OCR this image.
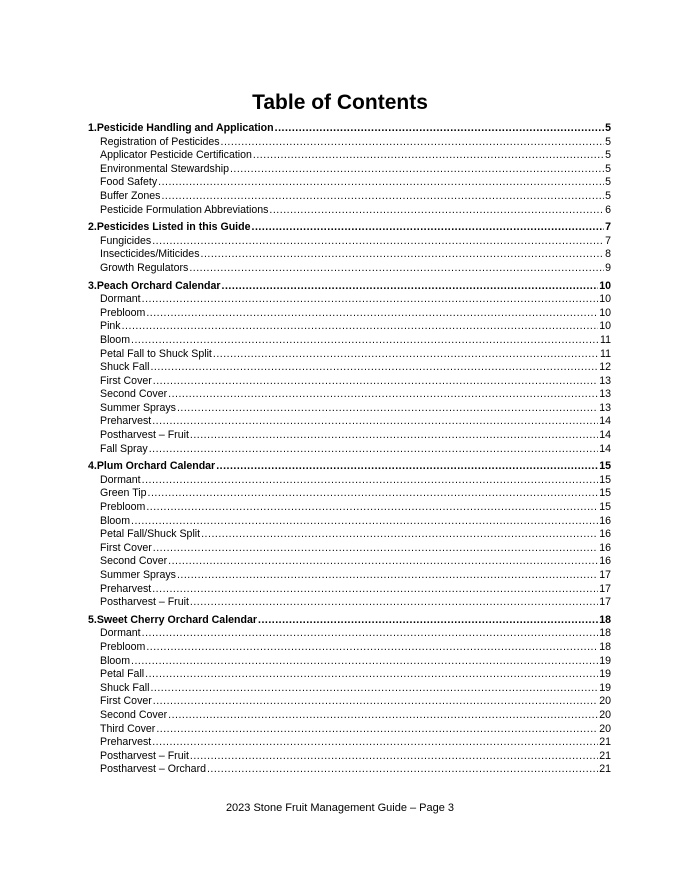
Table of Contents
1. Pesticide Handling and Application .....	5
Registration of Pesticides .....	5
Applicator Pesticide Certification .....	5
Environmental Stewardship .....	5
Food Safety .....	5
Buffer Zones .....	5
Pesticide Formulation Abbreviations .....	6
2. Pesticides Listed in this Guide .....	7
Fungicides .....	7
Insecticides/Miticides .....	8
Growth Regulators .....	9
3. Peach Orchard Calendar .....	10
Dormant .....	10
Prebloom .....	10
Pink .....	10
Bloom .....	11
Petal Fall to Shuck Split .....	11
Shuck Fall .....	12
First Cover .....	13
Second Cover .....	13
Summer Sprays .....	13
Preharvest .....	14
Postharvest – Fruit .....	14
Fall Spray .....	14
4. Plum Orchard Calendar .....	15
Dormant .....	15
Green Tip .....	15
Prebloom .....	15
Bloom .....	16
Petal Fall/Shuck Split .....	16
First Cover .....	16
Second Cover .....	16
Summer Sprays .....	17
Preharvest .....	17
Postharvest – Fruit .....	17
5. Sweet Cherry Orchard Calendar .....	18
Dormant .....	18
Prebloom .....	18
Bloom .....	19
Petal Fall .....	19
Shuck Fall .....	19
First Cover .....	20
Second Cover .....	20
Third Cover .....	20
Preharvest .....	21
Postharvest – Fruit .....	21
Postharvest – Orchard .....	21
2023 Stone Fruit Management Guide – Page 3
